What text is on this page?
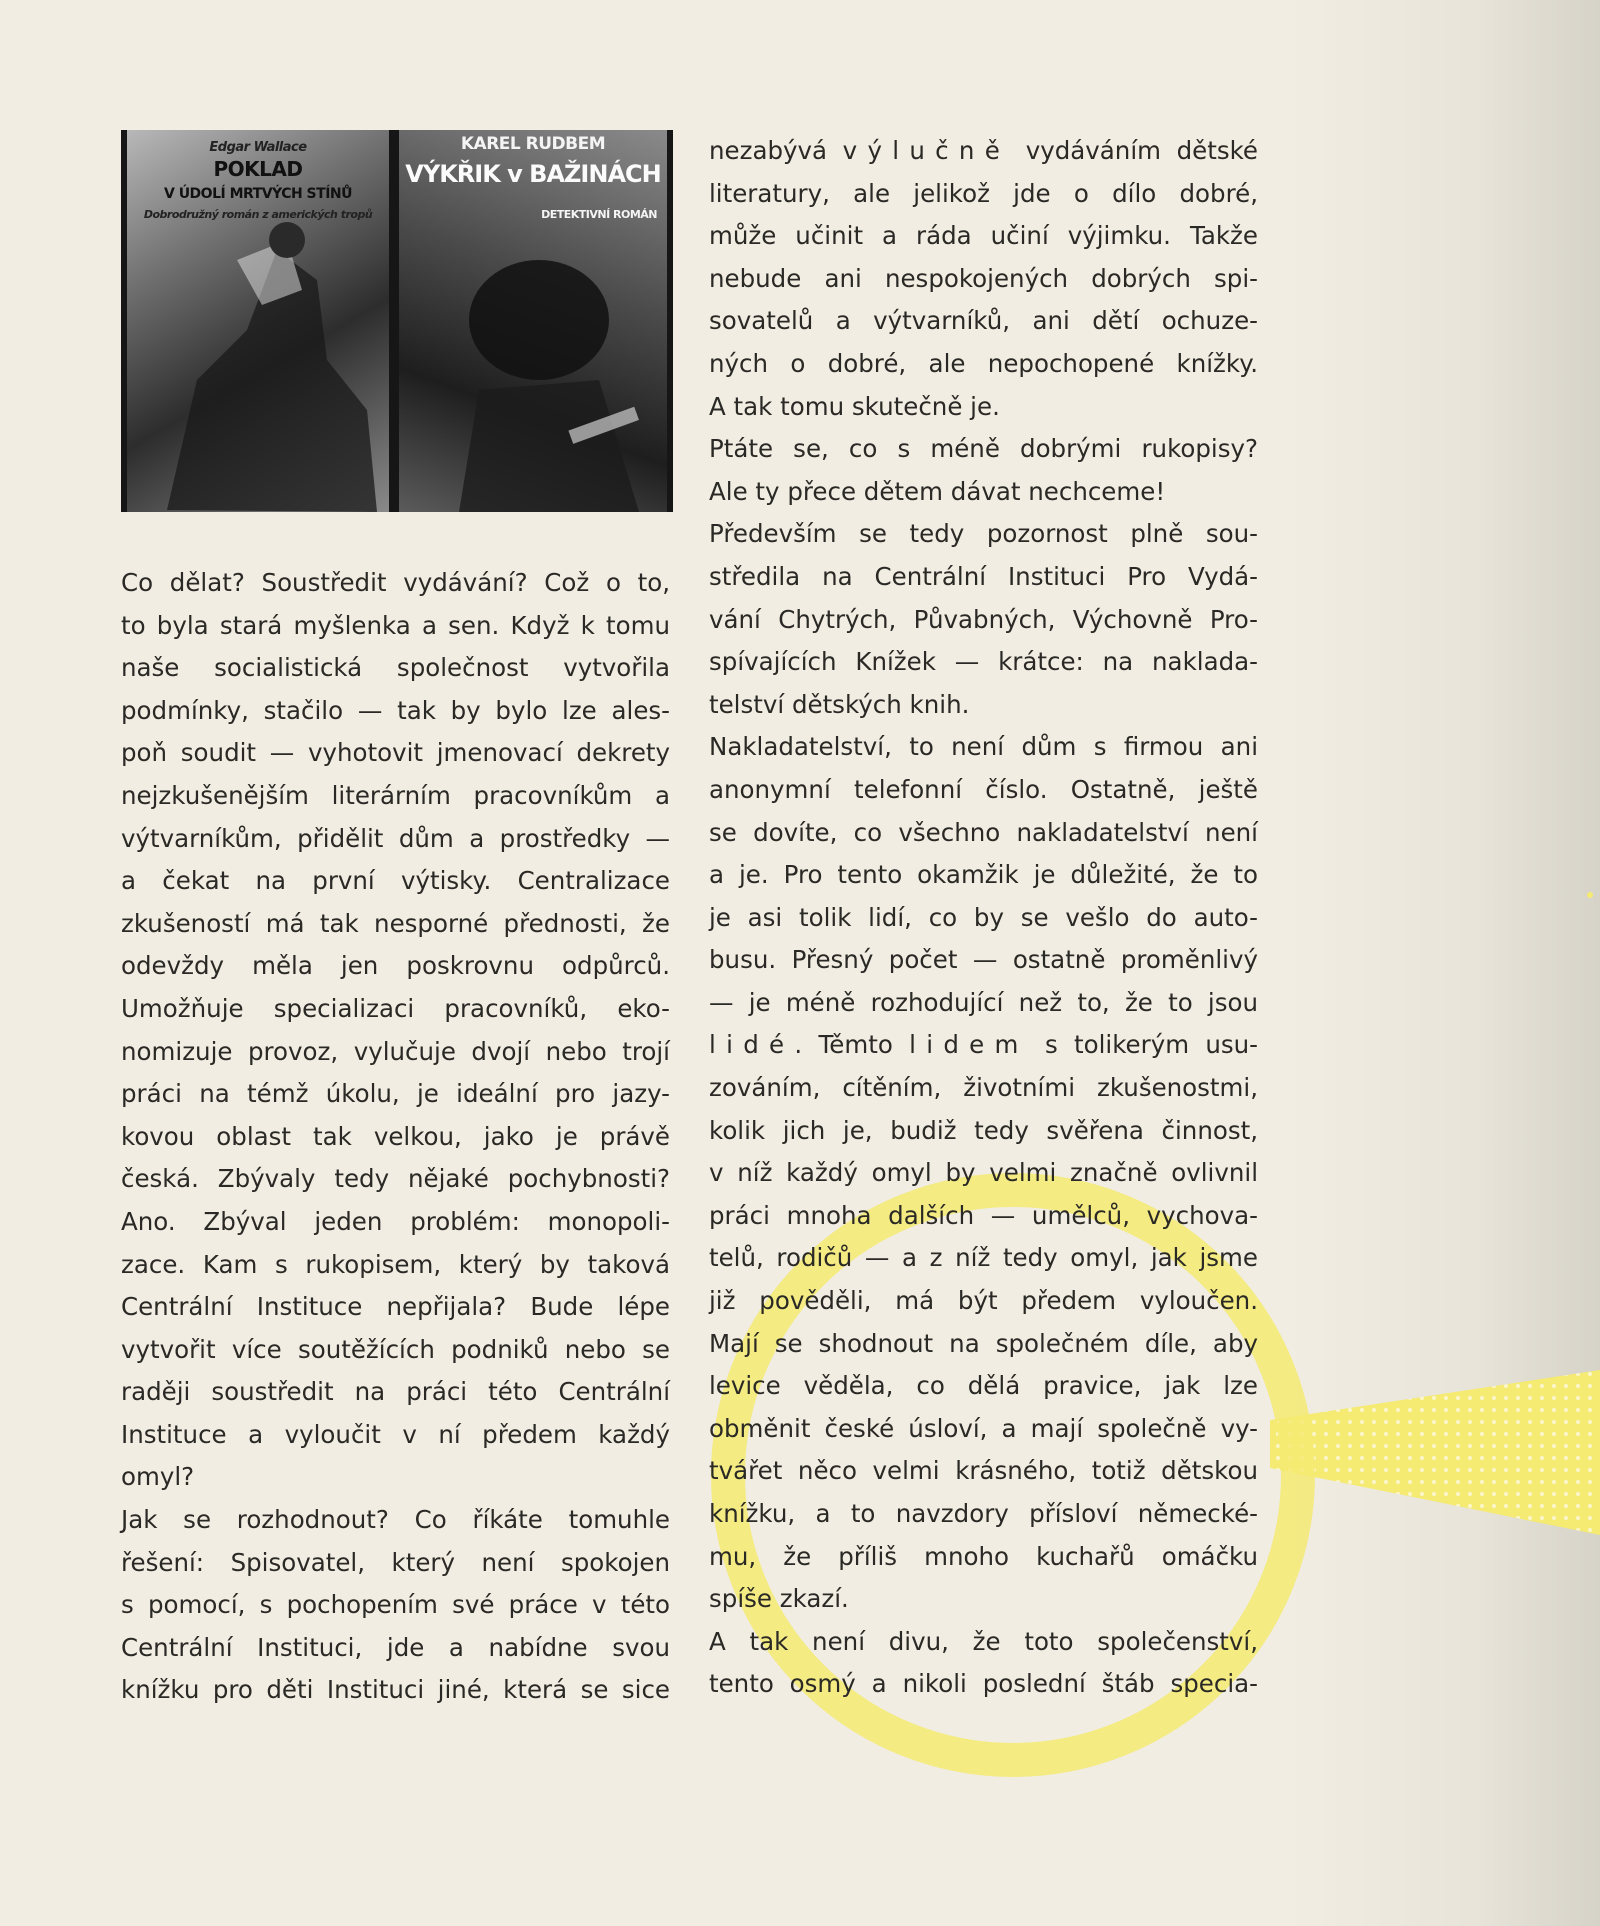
Edgar Wallace
POKLAD
V ÚDOLÍ MRTVÝCH STÍNŮ
Dobrodružný román z amerických tropů
KAREL RUDBEM
VÝKŘIK v BAŽINÁCH
DETEKTIVNÍ ROMÁN
Co dělat? Soustředit vydávání? Což o to,
to byla stará myšlenka a sen. Když k tomu
naše socialistická společnost vytvořila
podmínky, stačilo — tak by bylo lze ales-
poň soudit — vyhotovit jmenovací dekrety
nejzkušenějším literárním pracovníkům a
výtvarníkům, přidělit dům a prostředky —
a čekat na první výtisky. Centralizace
zkušeností má tak nesporné přednosti, že
odevždy měla jen poskrovnu odpůrců.
Umožňuje specializaci pracovníků, eko-
nomizuje provoz, vylučuje dvojí nebo trojí
práci na témž úkolu, je ideální pro jazy-
kovou oblast tak velkou, jako je právě
česká. Zbývaly tedy nějaké pochybnosti?
Ano. Zbýval jeden problém: monopoli-
zace. Kam s rukopisem, který by taková
Centrální Instituce nepřijala? Bude lépe
vytvořit více soutěžících podniků nebo se
raději soustředit na práci této Centrální
Instituce a vyloučit v ní předem každý
omyl?
Jak se rozhodnout? Co říkáte tomuhle
řešení: Spisovatel, který není spokojen
s pomocí, s pochopením své práce v této
Centrální Instituci, jde a nabídne svou
knížku pro děti Instituci jiné, která se sice
nezabývá výlučně vydáváním dětské
literatury, ale jelikož jde o dílo dobré,
může učinit a ráda učiní výjimku. Takže
nebude ani nespokojených dobrých spi-
sovatelů a výtvarníků, ani dětí ochuze-
ných o dobré, ale nepochopené knížky.
A tak tomu skutečně je.
Ptáte se, co s méně dobrými rukopisy?
Ale ty přece dětem dávat nechceme!
Především se tedy pozornost plně sou-
středila na Centrální Instituci Pro Vydá-
vání Chytrých, Půvabných, Výchovně Pro-
spívajících Knížek — krátce: na naklada-
telství dětských knih.
Nakladatelství, to není dům s firmou ani
anonymní telefonní číslo. Ostatně, ještě
se dovíte, co všechno nakladatelství není
a je. Pro tento okamžik je důležité, že to
je asi tolik lidí, co by se vešlo do auto-
busu. Přesný počet — ostatně proměnlivý
— je méně rozhodující než to, že to jsou
lidé. Těmto lidem s tolikerým usu-
zováním, cítěním, životními zkušenostmi,
kolik jich je, budiž tedy svěřena činnost,
v níž každý omyl by velmi značně ovlivnil
práci mnoha dalších — umělců, vychova-
telů, rodičů — a z níž tedy omyl, jak jsme
již pověděli, má být předem vyloučen.
Mají se shodnout na společném díle, aby
levice věděla, co dělá pravice, jak lze
obměnit české úsloví, a mají společně vy-
tvářet něco velmi krásného, totiž dětskou
knížku, a to navzdory přísloví německé-
mu, že příliš mnoho kuchařů omáčku
spíše zkazí.
A tak není divu, že toto společenství,
tento osmý a nikoli poslední štáb specia-
